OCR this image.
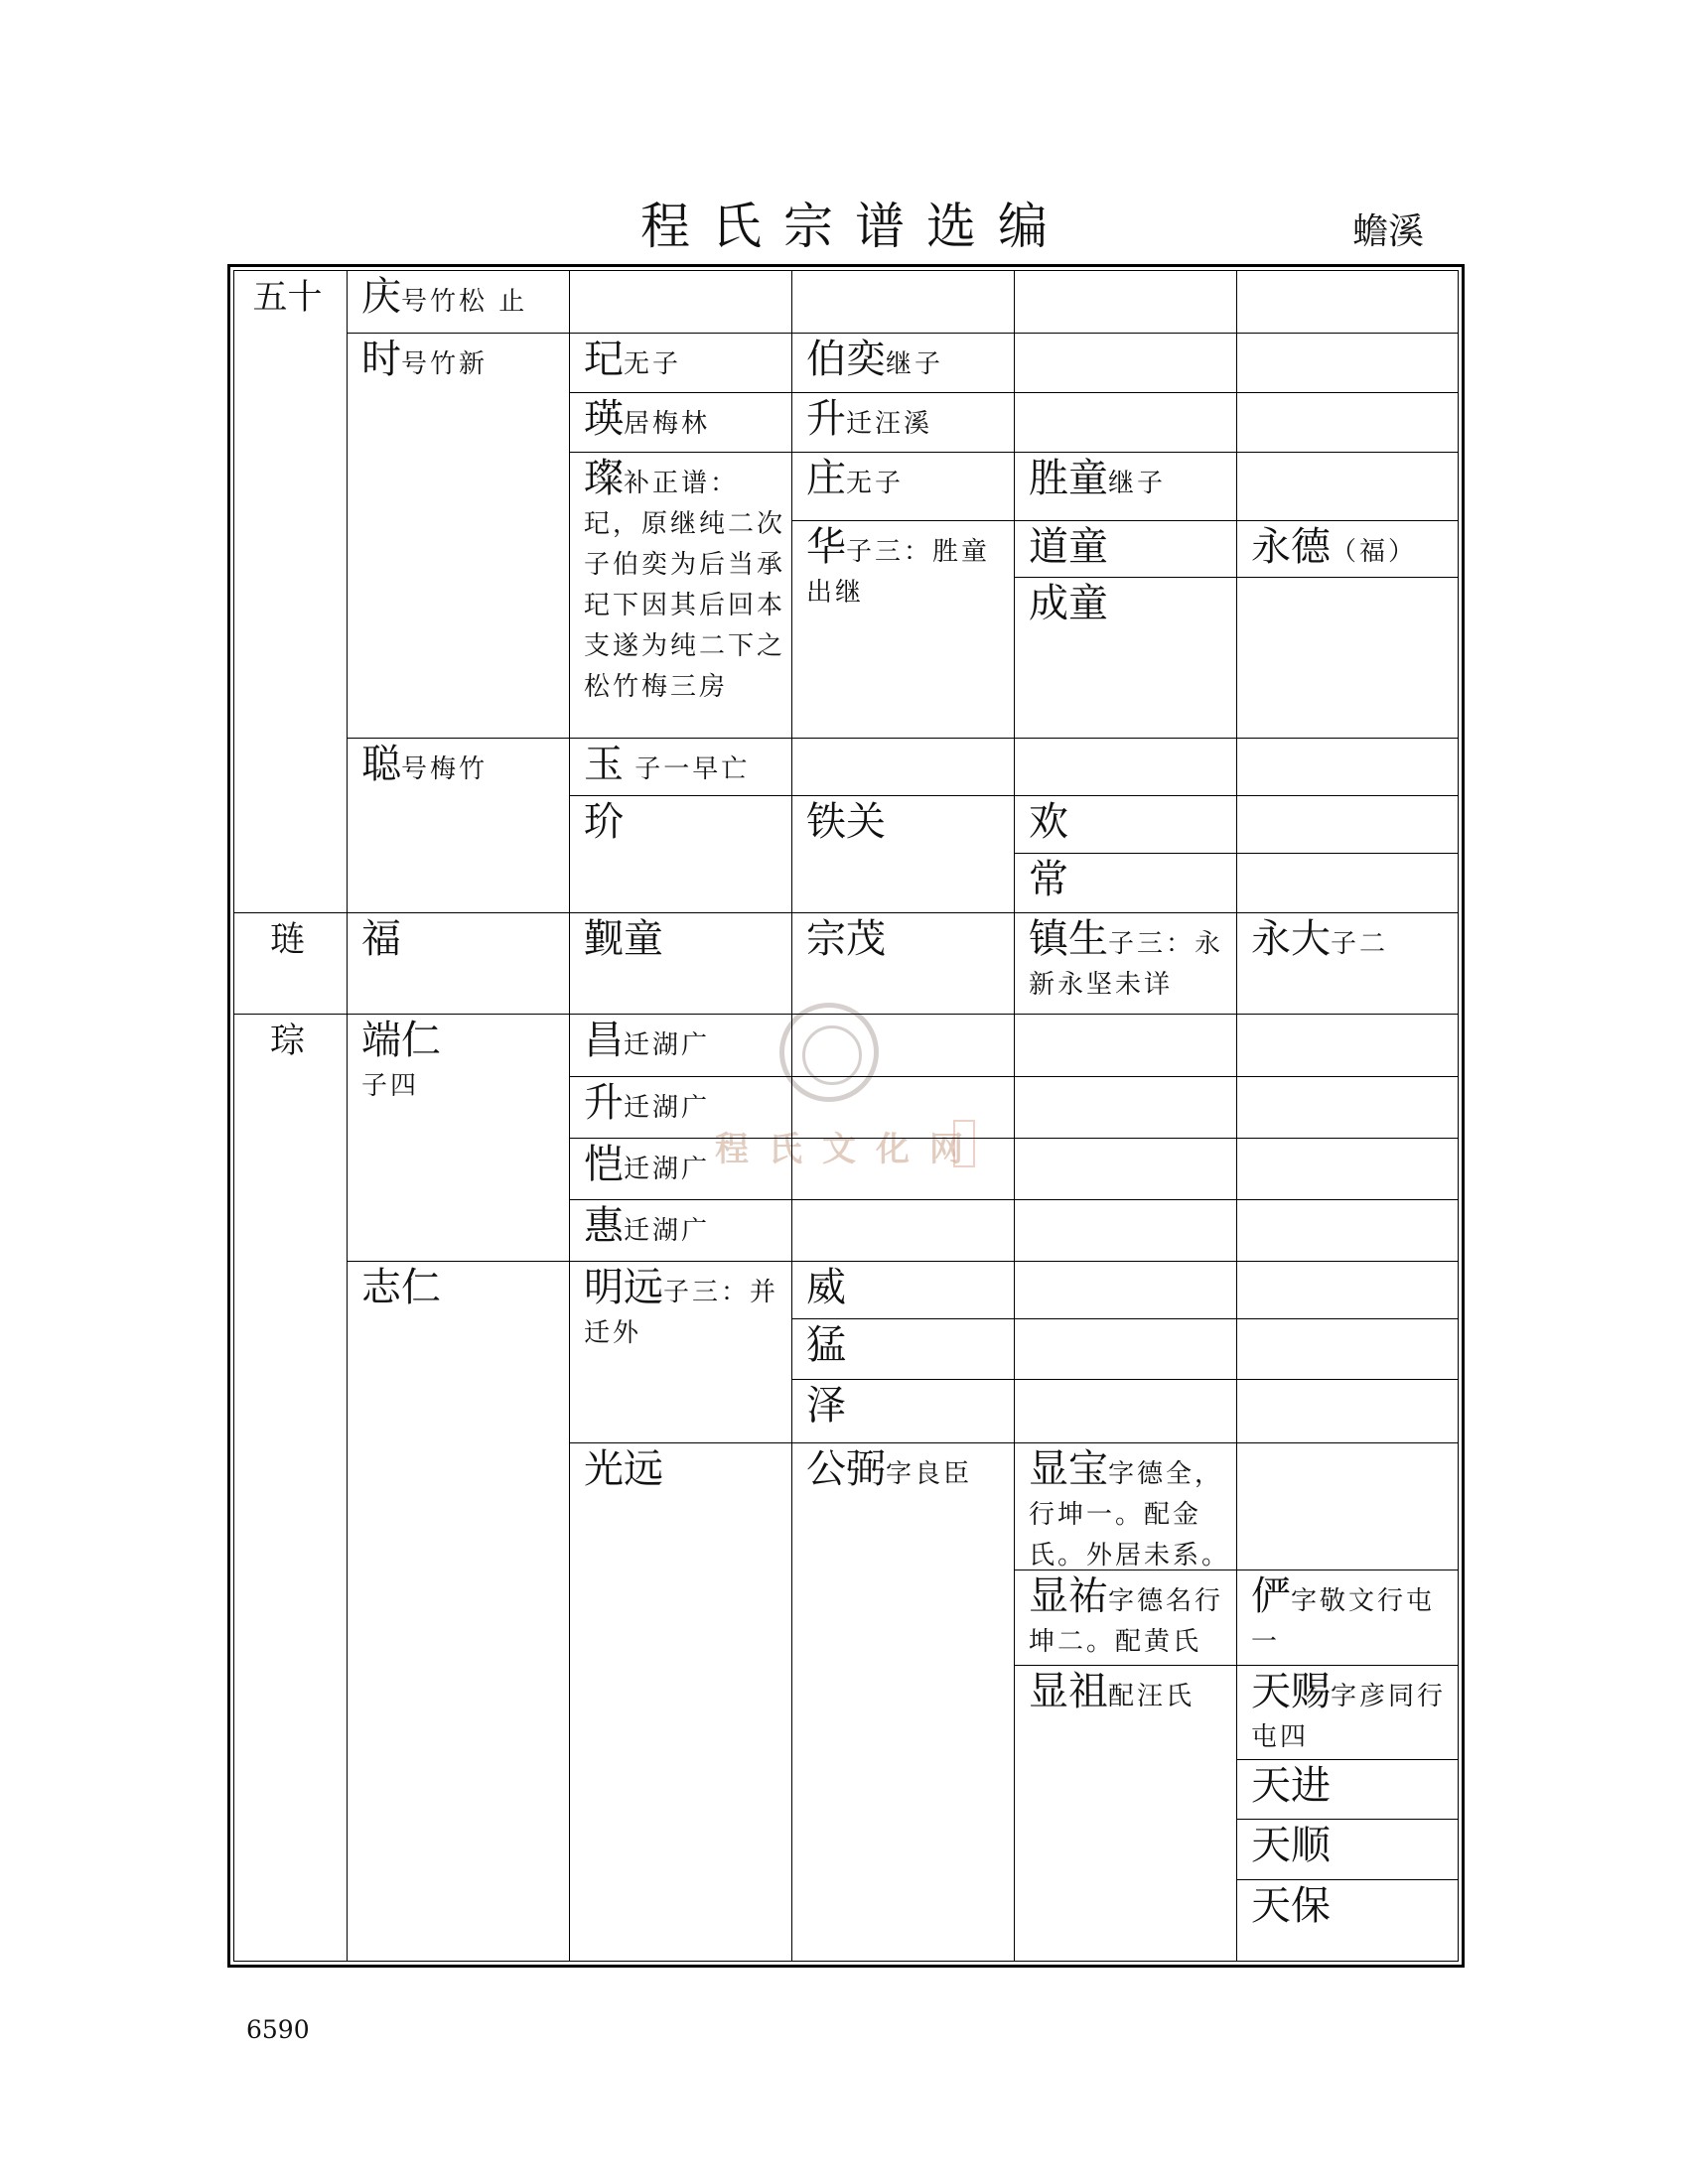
程氏宗谱选编	蟾溪
程氏文化网
五十
琏
琮
庆号竹松 止
时号竹新
聪号梅竹
福
端仁
子四
志仁
玘无子
瑛居梅林
璨补正谱：玘，原继纯二次子伯奕为后当承玘下因其后回本支遂为纯二下之松竹梅三房
玉 子一早亡
玠
觐童
昌迁湖广
升迁湖广
恺迁湖广
惠迁湖广
明远子三：并迁外
光远
伯奕继子
升迁汪溪
庄无子
华子三：胜童出继
铁关
宗茂
威
猛
泽
公弼字良臣
胜童继子
道童
成童
欢
常
镇生子三：永新永坚未详
显宝字德全，行坤一。配金氏。外居未系。
显祐字德名行坤二。配黄氏
显祖配汪氏
永德（福）
永大子二
俨字敬文行屯一
天赐字彦同行屯四
天进
天顺
天保
6590
